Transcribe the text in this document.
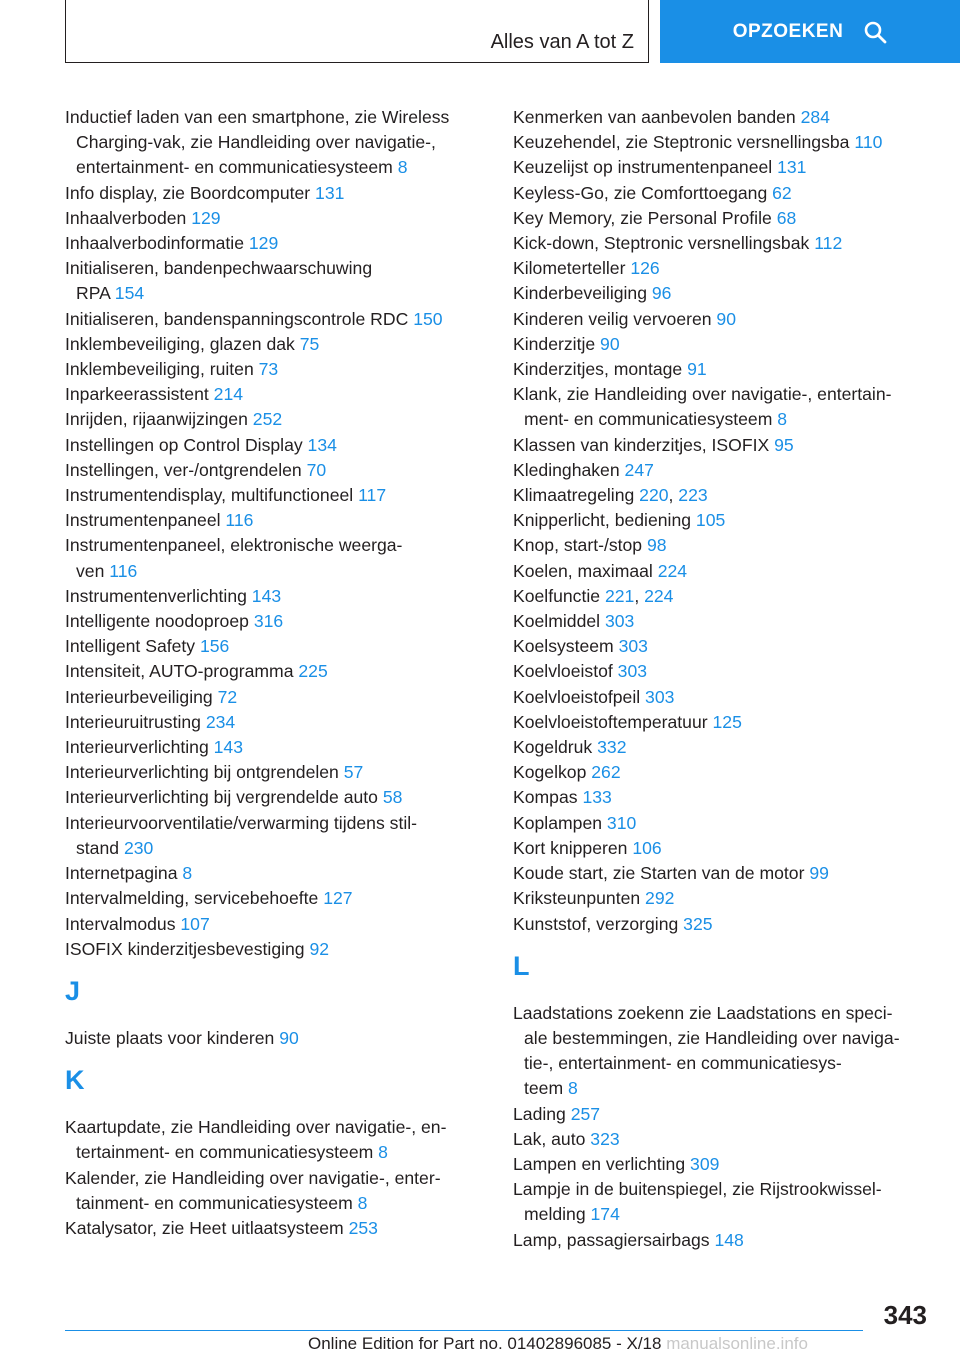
Alles van A tot Z	OPZOEKEN
Inductief laden van een smartphone, zie Wireless
Charging-vak, zie Handleiding over navigatie-,
entertainment- en communicatiesysteem 8
Info display, zie Boordcomputer 131
Inhaalverboden 129
Inhaalverbodinformatie 129
Initialiseren, bandenpechwaarschuwing
RPA 154
Initialiseren, bandenspanningscontrole RDC 150
Inklembeveiliging, glazen dak 75
Inklembeveiliging, ruiten 73
Inparkeerassistent 214
Inrijden, rijaanwijzingen 252
Instellingen op Control Display 134
Instellingen, ver-/ontgrendelen 70
Instrumentendisplay, multifunctioneel 117
Instrumentenpaneel 116
Instrumentenpaneel, elektronische weerga-
ven 116
Instrumentenverlichting 143
Intelligente noodoproep 316
Intelligent Safety 156
Intensiteit, AUTO-programma 225
Interieurbeveiliging 72
Interieuruitrusting 234
Interieurverlichting 143
Interieurverlichting bij ontgrendelen 57
Interieurverlichting bij vergrendelde auto 58
Interieurvoorventilatie/verwarming tijdens stil-
stand 230
Internetpagina 8
Intervalmelding, servicebehoefte 127
Intervalmodus 107
ISOFIX kinderzitjesbevestiging 92
J
Juiste plaats voor kinderen 90
K
Kaartupdate, zie Handleiding over navigatie-, en-
tertainment- en communicatiesysteem 8
Kalender, zie Handleiding over navigatie-, enter-
tainment- en communicatiesysteem 8
Katalysator, zie Heet uitlaatsysteem 253
Kenmerken van aanbevolen banden 284
Keuzehendel, zie Steptronic versnellingsba 110
Keuzelijst op instrumentenpaneel 131
Keyless-Go, zie Comforttoegang 62
Key Memory, zie Personal Profile 68
Kick-down, Steptronic versnellingsbak 112
Kilometerteller 126
Kinderbeveiliging 96
Kinderen veilig vervoeren 90
Kinderzitje 90
Kinderzitjes, montage 91
Klank, zie Handleiding over navigatie-, entertain-
ment- en communicatiesysteem 8
Klassen van kinderzitjes, ISOFIX 95
Kledinghaken 247
Klimaatregeling 220, 223
Knipperlicht, bediening 105
Knop, start-/stop 98
Koelen, maximaal 224
Koelfunctie 221, 224
Koelmiddel 303
Koelsysteem 303
Koelvloeistof 303
Koelvloeistofpeil 303
Koelvloeistoftemperatuur 125
Kogeldruk 332
Kogelkop 262
Kompas 133
Koplampen 310
Kort knipperen 106
Koude start, zie Starten van de motor 99
Kriksteunpunten 292
Kunststof, verzorging 325
L
Laadstations zoekenn zie Laadstations en speci-
ale bestemmingen, zie Handleiding over naviga-
tie-, entertainment- en communicatiesys-
teem 8
Lading 257
Lak, auto 323
Lampen en verlichting 309
Lampje in de buitenspiegel, zie Rijstrookwissel-
melding 174
Lamp, passagiersairbags 148
343
Online Edition for Part no. 01402896085 - X/18 manualsonline.info
